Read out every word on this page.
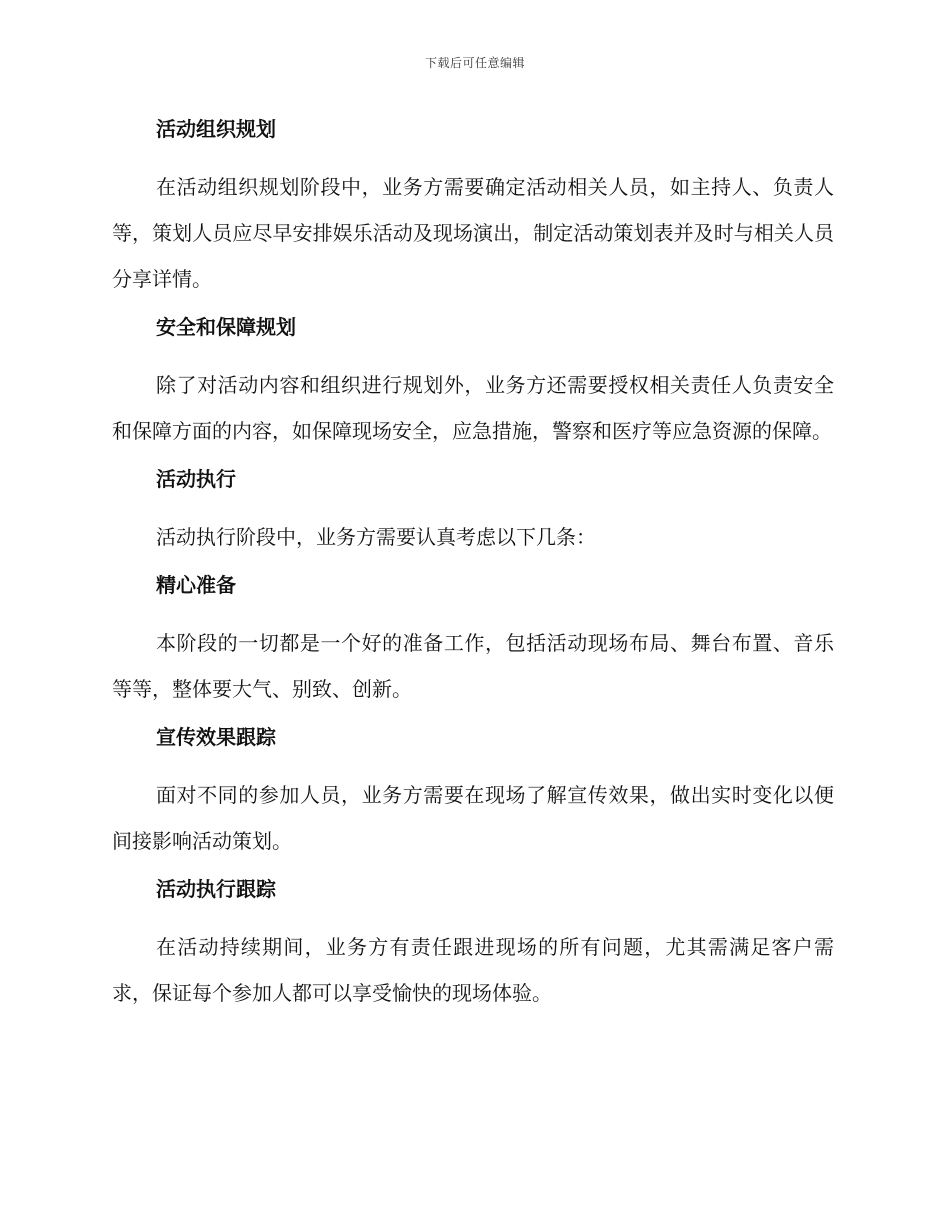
下载后可任意编辑
活动组织规划
在活动组织规划阶段中，业务方需要确定活动相关人员，如主持人、负责人等，策划人员应尽早安排娱乐活动及现场演出，制定活动策划表并及时与相关人员分享详情。
安全和保障规划
除了对活动内容和组织进行规划外，业务方还需要授权相关责任人负责安全和保障方面的内容，如保障现场安全，应急措施，警察和医疗等应急资源的保障。
活动执行
活动执行阶段中，业务方需要认真考虑以下几条：
精心准备
本阶段的一切都是一个好的准备工作，包括活动现场布局、舞台布置、音乐等等，整体要大气、别致、创新。
宣传效果跟踪
面对不同的参加人员，业务方需要在现场了解宣传效果，做出实时变化以便间接影响活动策划。
活动执行跟踪
在活动持续期间，业务方有责任跟进现场的所有问题，尤其需满足客户需求，保证每个参加人都可以享受愉快的现场体验。
